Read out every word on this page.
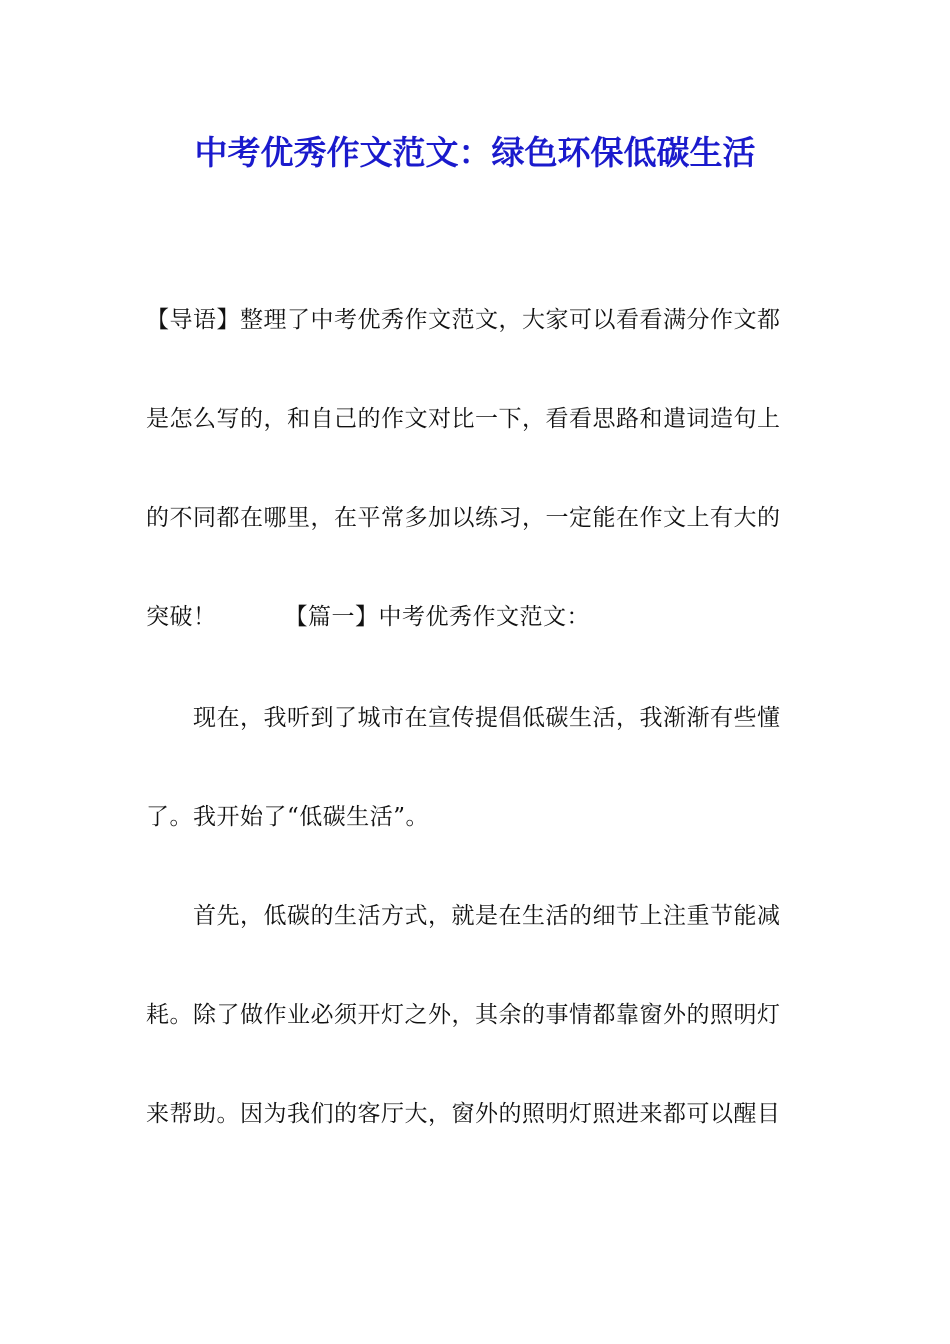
中考优秀作文范文：绿色环保低碳生活
【导语】整理了中考优秀作文范文，大家可以看看满分作文都
是怎么写的，和自己的作文对比一下，看看思路和遣词造句上
的不同都在哪里，在平常多加以练习，一定能在作文上有大的
突破！	【篇一】中考优秀作文范文：
现在，我听到了城市在宣传提倡低碳生活，我渐渐有些懂
了。我开始了“低碳生活”。
首先，低碳的生活方式，就是在生活的细节上注重节能减
耗。除了做作业必须开灯之外，其余的事情都靠窗外的照明灯
来帮助。因为我们的客厅大，窗外的照明灯照进来都可以醒目
